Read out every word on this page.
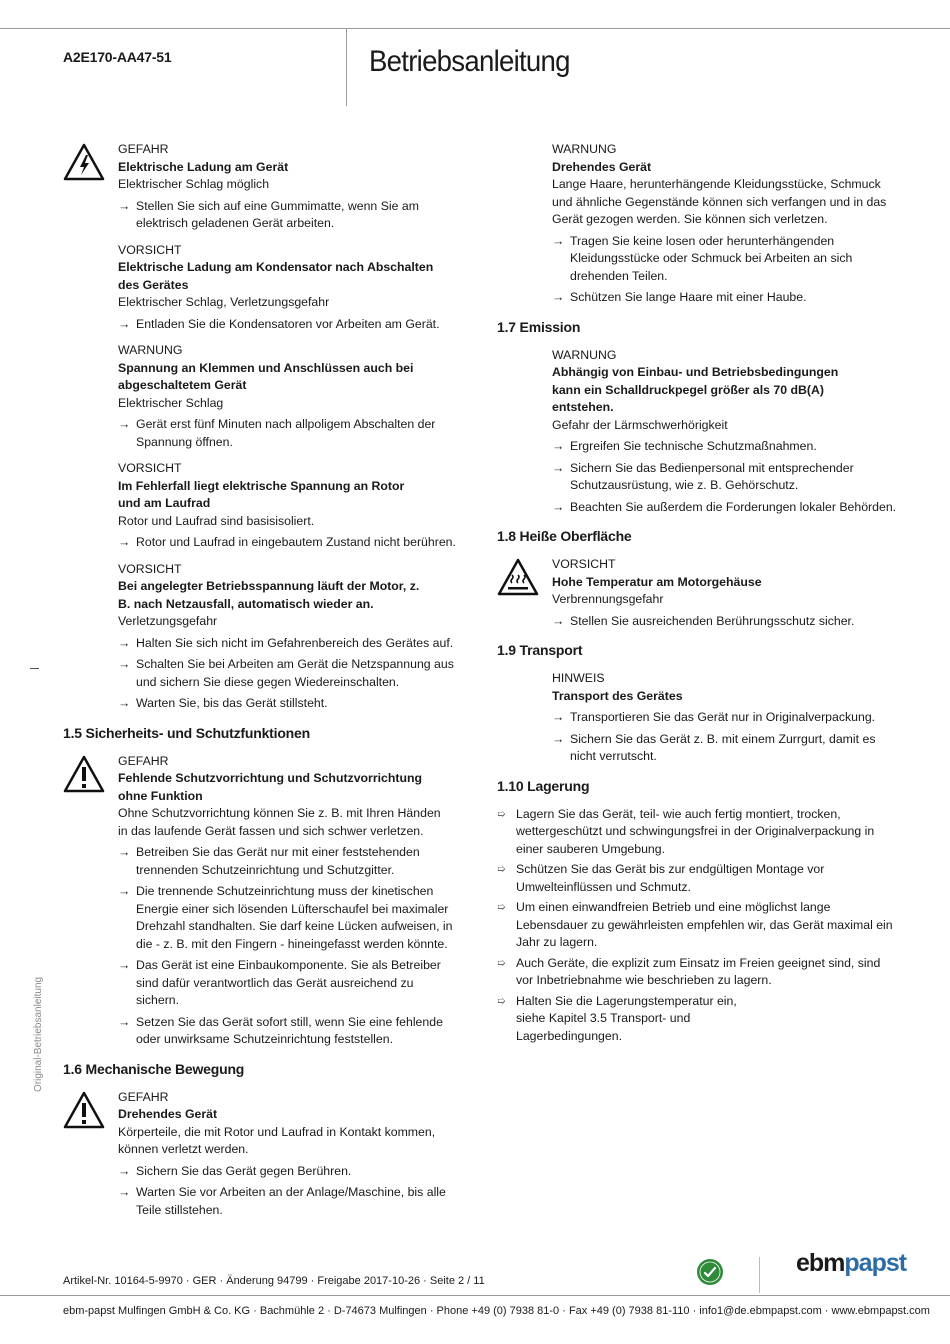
A2E170-AA47-51	Betriebsanleitung
Original-Betriebsanleitung
GEFAHR
Elektrische Ladung am Gerät
Elektrischer Schlag möglich
→ Stellen Sie sich auf eine Gummimatte, wenn Sie am elektrisch geladenen Gerät arbeiten.
VORSICHT
Elektrische Ladung am Kondensator nach Abschalten des Gerätes
Elektrischer Schlag, Verletzungsgefahr
→ Entladen Sie die Kondensatoren vor Arbeiten am Gerät.
WARNUNG
Spannung an Klemmen und Anschlüssen auch bei abgeschaltetem Gerät
Elektrischer Schlag
→ Gerät erst fünf Minuten nach allpoligem Abschalten der Spannung öffnen.
VORSICHT
Im Fehlerfall liegt elektrische Spannung an Rotor und am Laufrad
Rotor und Laufrad sind basisisoliert.
→ Rotor und Laufrad in eingebautem Zustand nicht berühren.
VORSICHT
Bei angelegter Betriebsspannung läuft der Motor, z. B. nach Netzausfall, automatisch wieder an.
Verletzungsgefahr
→ Halten Sie sich nicht im Gefahrenbereich des Gerätes auf.
→ Schalten Sie bei Arbeiten am Gerät die Netzspannung aus und sichern Sie diese gegen Wiedereinschalten.
→ Warten Sie, bis das Gerät stillsteht.
1.5 Sicherheits- und Schutzfunktionen
GEFAHR
Fehlende Schutzvorrichtung und Schutzvorrichtung ohne Funktion
Ohne Schutzvorrichtung können Sie z. B. mit Ihren Händen in das laufende Gerät fassen und sich schwer verletzen.
→ Betreiben Sie das Gerät nur mit einer feststehenden trennenden Schutzeinrichtung und Schutzgitter.
→ Die trennende Schutzeinrichtung muss der kinetischen Energie einer sich lösenden Lüfterschaufel bei maximaler Drehzahl standhalten. Sie darf keine Lücken aufweisen, in die - z. B. mit den Fingern - hineingefasst werden könnte.
→ Das Gerät ist eine Einbaukomponente. Sie als Betreiber sind dafür verantwortlich das Gerät ausreichend zu sichern.
→ Setzen Sie das Gerät sofort still, wenn Sie eine fehlende oder unwirksame Schutzeinrichtung feststellen.
1.6 Mechanische Bewegung
GEFAHR
Drehendes Gerät
Körperteile, die mit Rotor und Laufrad in Kontakt kommen, können verletzt werden.
→ Sichern Sie das Gerät gegen Berühren.
→ Warten Sie vor Arbeiten an der Anlage/Maschine, bis alle Teile stillstehen.
WARNUNG
Drehendes Gerät
Lange Haare, herunterhängende Kleidungsstücke, Schmuck und ähnliche Gegenstände können sich verfangen und in das Gerät gezogen werden. Sie können sich verletzen.
→ Tragen Sie keine losen oder herunterhängenden Kleidungsstücke oder Schmuck bei Arbeiten an sich drehenden Teilen.
→ Schützen Sie lange Haare mit einer Haube.
1.7 Emission
WARNUNG
Abhängig von Einbau- und Betriebsbedingungen kann ein Schalldruckpegel größer als 70 dB(A) entstehen.
Gefahr der Lärmschwerhörigkeit
→ Ergreifen Sie technische Schutzmaßnahmen.
→ Sichern Sie das Bedienpersonal mit entsprechender Schutzausrüstung, wie z. B. Gehörschutz.
→ Beachten Sie außerdem die Forderungen lokaler Behörden.
1.8 Heiße Oberfläche
VORSICHT
Hohe Temperatur am Motorgehäuse
Verbrennungsgefahr
→ Stellen Sie ausreichenden Berührungsschutz sicher.
1.9 Transport
HINWEIS
Transport des Gerätes
→ Transportieren Sie das Gerät nur in Originalverpackung.
→ Sichern Sie das Gerät z. B. mit einem Zurrgurt, damit es nicht verrutscht.
1.10 Lagerung
➯ Lagern Sie das Gerät, teil- wie auch fertig montiert, trocken, wettergeschützt und schwingungsfrei in der Originalverpackung in einer sauberen Umgebung.
➯ Schützen Sie das Gerät bis zur endgültigen Montage vor Umwelteinflüssen und Schmutz.
➯ Um einen einwandfreien Betrieb und eine möglichst lange Lebensdauer zu gewährleisten empfehlen wir, das Gerät maximal ein Jahr zu lagern.
➯ Auch Geräte, die explizit zum Einsatz im Freien geeignet sind, sind vor Inbetriebnahme wie beschrieben zu lagern.
➯ Halten Sie die Lagerungstemperatur ein, siehe Kapitel 3.5 Transport- und Lagerbedingungen.
Artikel-Nr. 10164-5-9970 · GER · Änderung 94799 · Freigabe 2017-10-26 · Seite 2 / 11
ebmpapst
ebm-papst Mulfingen GmbH & Co. KG · Bachmühle 2 · D-74673 Mulfingen · Phone +49 (0) 7938 81-0 · Fax +49 (0) 7938 81-110 · info1@de.ebmpapst.com · www.ebmpapst.com
